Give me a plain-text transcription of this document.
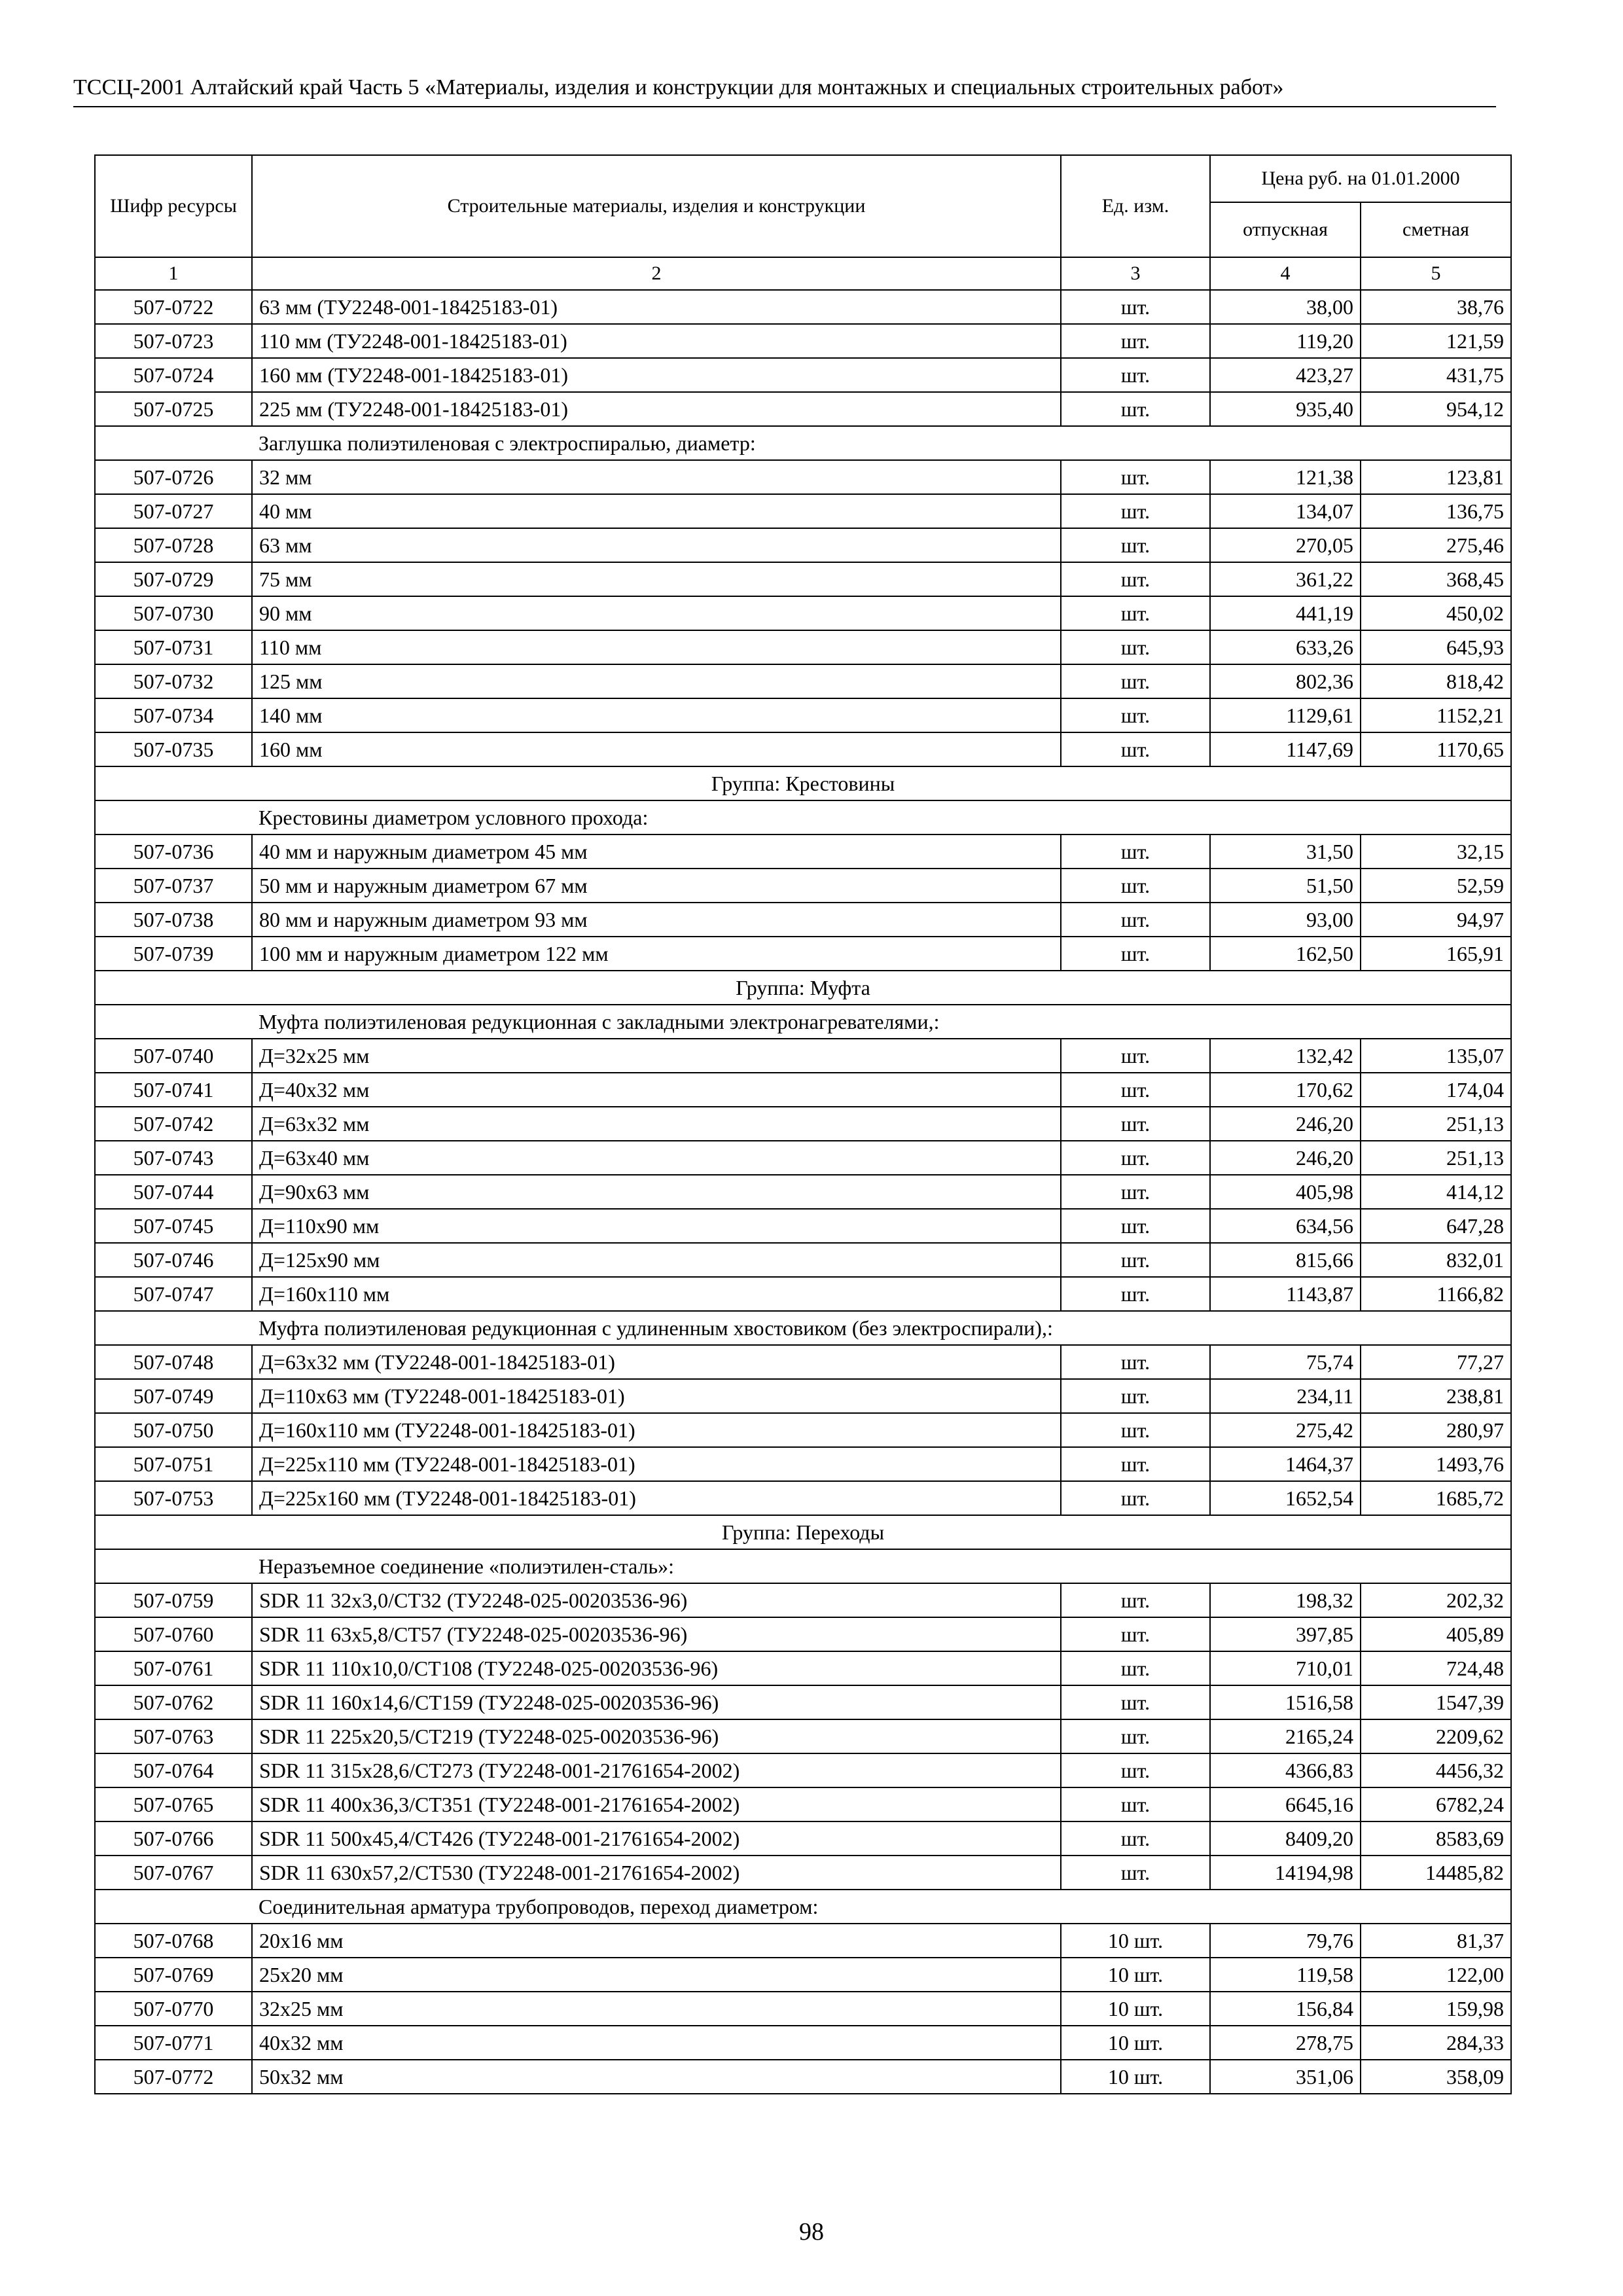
ТССЦ-2001 Алтайский край Часть 5 «Материалы, изделия и конструкции для монтажных и специальных строительных работ»
Шифр ресурсы	Строительные материалы, изделия и конструкции	Ед. изм.	Цена руб. на 01.01.2000	
			отпускная	сметная
1	2	3	4	5
507-0722	63 мм (ТУ2248-001-18425183-01)	шт.	38,00	38,76
507-0723	110 мм (ТУ2248-001-18425183-01)	шт.	119,20	121,59
507-0724	160 мм (ТУ2248-001-18425183-01)	шт.	423,27	431,75
507-0725	225 мм (ТУ2248-001-18425183-01)	шт.	935,40	954,12
	Заглушка полиэтиленовая с электроспиралью, диаметр:			
507-0726	32 мм	шт.	121,38	123,81
507-0727	40 мм	шт.	134,07	136,75
507-0728	63 мм	шт.	270,05	275,46
507-0729	75 мм	шт.	361,22	368,45
507-0730	90 мм	шт.	441,19	450,02
507-0731	110 мм	шт.	633,26	645,93
507-0732	125 мм	шт.	802,36	818,42
507-0734	140 мм	шт.	1129,61	1152,21
507-0735	160 мм	шт.	1147,69	1170,65
Группа: Крестовины				
	Крестовины диаметром условного прохода:			
507-0736	40 мм и наружным диаметром 45 мм	шт.	31,50	32,15
507-0737	50 мм и наружным диаметром 67 мм	шт.	51,50	52,59
507-0738	80 мм и наружным диаметром 93 мм	шт.	93,00	94,97
507-0739	100 мм и наружным диаметром 122 мм	шт.	162,50	165,91
Группа: Муфта				
	Муфта полиэтиленовая редукционная с закладными электронагревателями,:			
507-0740	Д=32х25 мм	шт.	132,42	135,07
507-0741	Д=40х32 мм	шт.	170,62	174,04
507-0742	Д=63х32 мм	шт.	246,20	251,13
507-0743	Д=63х40 мм	шт.	246,20	251,13
507-0744	Д=90х63 мм	шт.	405,98	414,12
507-0745	Д=110х90 мм	шт.	634,56	647,28
507-0746	Д=125х90 мм	шт.	815,66	832,01
507-0747	Д=160х110 мм	шт.	1143,87	1166,82
	Муфта полиэтиленовая редукционная с удлиненным хвостовиком (без электроспирали),:			
507-0748	Д=63х32 мм (ТУ2248-001-18425183-01)	шт.	75,74	77,27
507-0749	Д=110х63 мм (ТУ2248-001-18425183-01)	шт.	234,11	238,81
507-0750	Д=160х110 мм (ТУ2248-001-18425183-01)	шт.	275,42	280,97
507-0751	Д=225х110 мм (ТУ2248-001-18425183-01)	шт.	1464,37	1493,76
507-0753	Д=225х160 мм (ТУ2248-001-18425183-01)	шт.	1652,54	1685,72
Группа: Переходы				
	Неразъемное соединение «полиэтилен-сталь»:			
507-0759	SDR 11 32х3,0/СТ32 (ТУ2248-025-00203536-96)	шт.	198,32	202,32
507-0760	SDR 11 63х5,8/СТ57 (ТУ2248-025-00203536-96)	шт.	397,85	405,89
507-0761	SDR 11 110х10,0/СТ108 (ТУ2248-025-00203536-96)	шт.	710,01	724,48
507-0762	SDR 11 160х14,6/СТ159 (ТУ2248-025-00203536-96)	шт.	1516,58	1547,39
507-0763	SDR 11 225х20,5/СТ219 (ТУ2248-025-00203536-96)	шт.	2165,24	2209,62
507-0764	SDR 11 315х28,6/СТ273 (ТУ2248-001-21761654-2002)	шт.	4366,83	4456,32
507-0765	SDR 11 400х36,3/СТ351 (ТУ2248-001-21761654-2002)	шт.	6645,16	6782,24
507-0766	SDR 11 500х45,4/СТ426 (ТУ2248-001-21761654-2002)	шт.	8409,20	8583,69
507-0767	SDR 11 630х57,2/СТ530 (ТУ2248-001-21761654-2002)	шт.	14194,98	14485,82
	Соединительная арматура трубопроводов, переход диаметром:			
507-0768	20х16 мм	10 шт.	79,76	81,37
507-0769	25х20 мм	10 шт.	119,58	122,00
507-0770	32х25 мм	10 шт.	156,84	159,98
507-0771	40х32 мм	10 шт.	278,75	284,33
507-0772	50х32 мм	10 шт.	351,06	358,09
98
